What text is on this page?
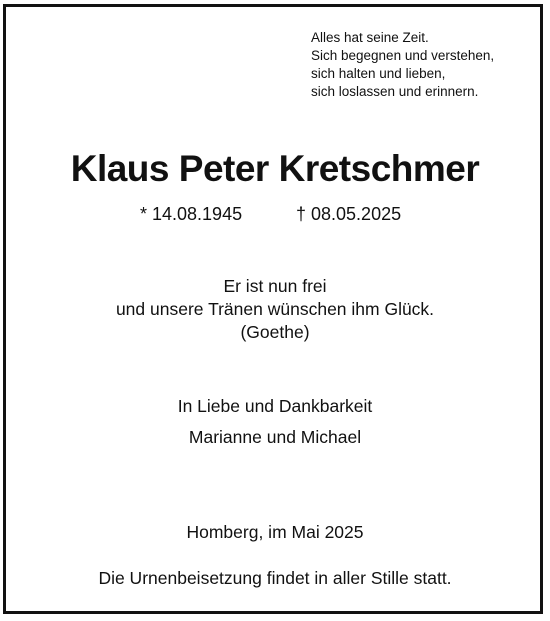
Alles hat seine Zeit.
Sich begegnen und verstehen,
sich halten und lieben,
sich loslassen und erinnern.
Klaus Peter Kretschmer
* 14.08.1945	† 08.05.2025
Er ist nun frei
und unsere Tränen wünschen ihm Glück.
(Goethe)
In Liebe und Dankbarkeit
Marianne und Michael
Homberg, im Mai 2025
Die Urnenbeisetzung findet in aller Stille statt.
